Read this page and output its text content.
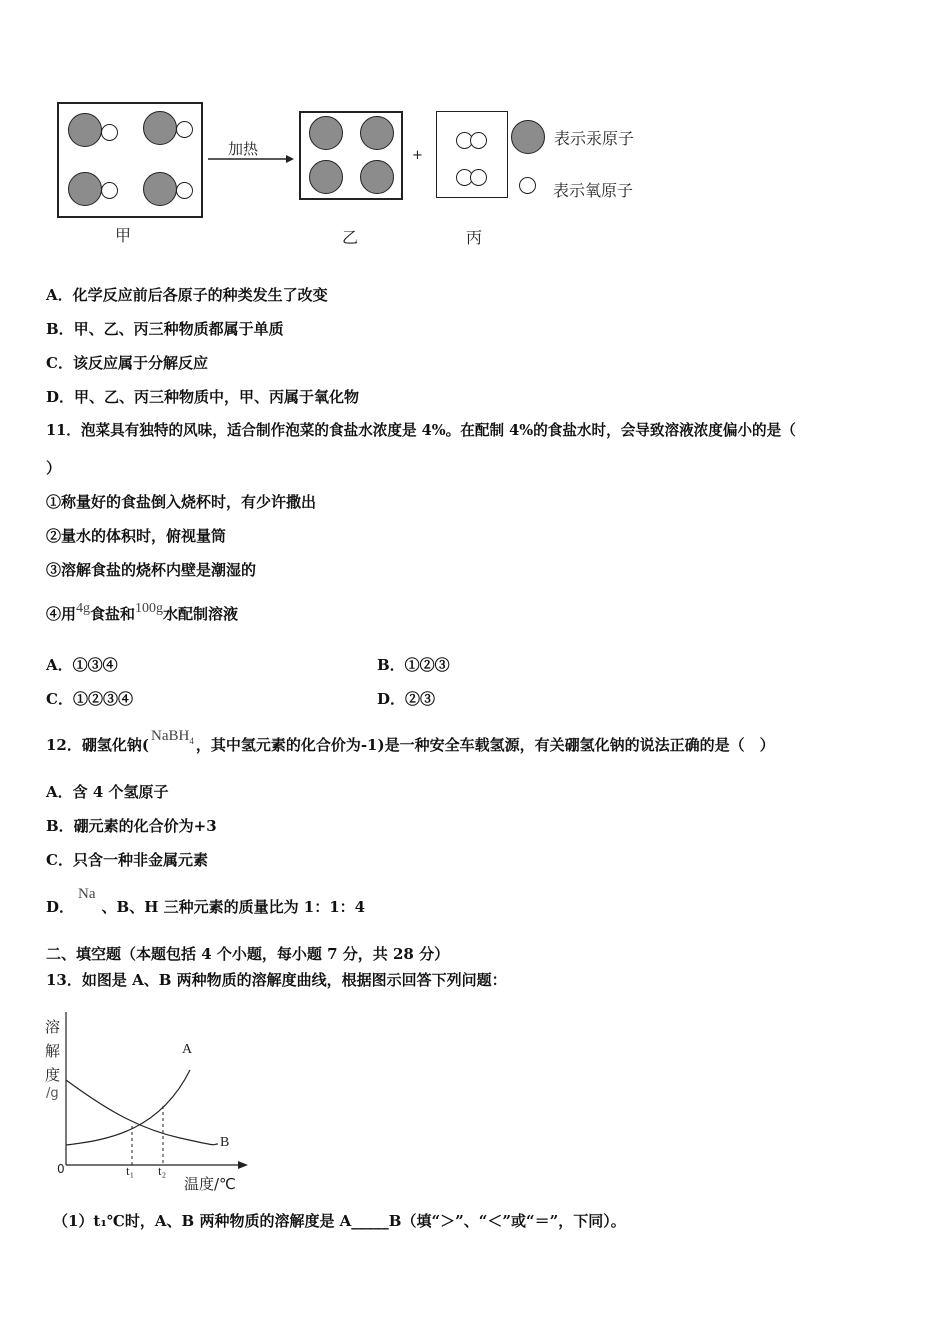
加热	+
表示汞原子
表示氧原子
甲	乙	丙
A．化学反应前后各原子的种类发生了改变
B．甲、乙、丙三种物质都属于单质
C．该反应属于分解反应
D．甲、乙、丙三种物质中，甲、丙属于氧化物
11．泡菜具有独特的风味，适合制作泡菜的食盐水浓度是 4%。在配制 4%的食盐水时，会导致溶液浓度偏小的是（
）
①称量好的食盐倒入烧杯时，有少许撒出
②量水的体积时，俯视量筒
③溶解食盐的烧杯内壁是潮湿的
④用4g食盐和100g水配制溶液
A．①③④	B．①②③
C．①②③④	D．②③
12．硼氢化钠( NaBH$_4$ ，其中氢元素的化合价为-1)是一种安全车载氢源，有关硼氢化钠的说法正确的是（　）
A．含 4 个氢原子
B．硼元素的化合价为+3
C．只含一种非金属元素
D．Na、B、H 三种元素的质量比为 1：1：4
二、填空题（本题包括 4 个小题，每小题 7 分，共 28 分）
13．如图是 A、B 两种物质的溶解度曲线，根据图示回答下列问题：
A
B
溶
解
度
/g
0	t₁ t₂
温度/℃
（1）t₁℃时，A、B 两种物质的溶解度是 A_____B（填“＞”、“＜”或“＝”，下同）。
